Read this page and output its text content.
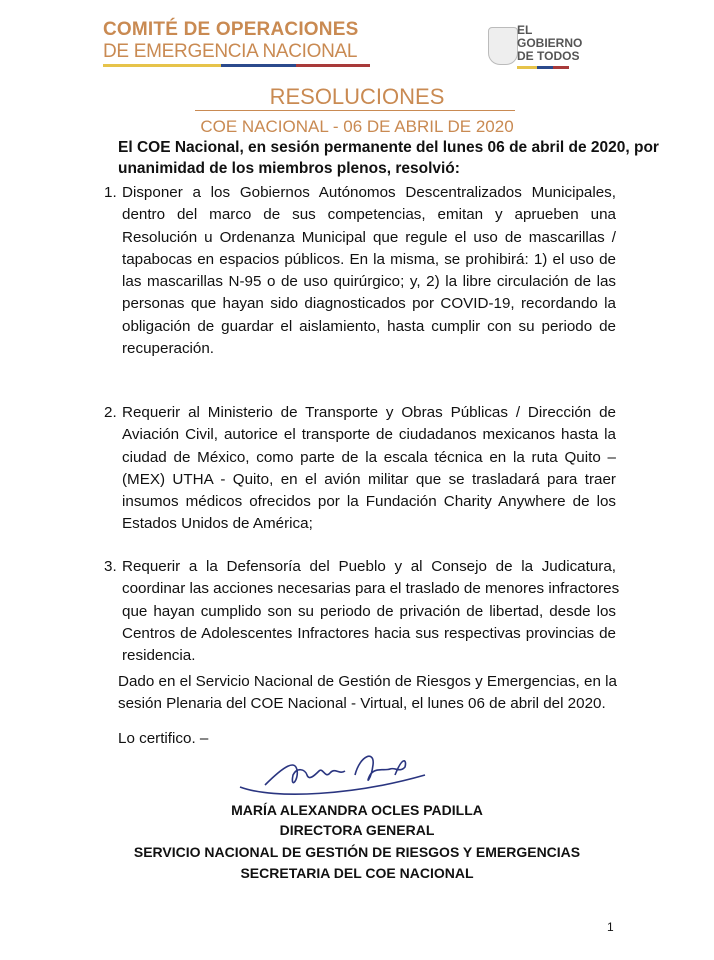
COMITÉ DE OPERACIONES
DE EMERGENCIA NACIONAL
EL
GOBIERNO
DE TODOS
RESOLUCIONES
COE NACIONAL - 06 DE ABRIL DE 2020
El COE Nacional, en sesión permanente del lunes 06 de abril de 2020, por
unanimidad de los miembros plenos, resolvió:
1. Disponer a los Gobiernos Autónomos Descentralizados Municipales,
dentro del marco de sus competencias, emitan y aprueben una
Resolución u Ordenanza Municipal que regule el uso de mascarillas /
tapabocas en espacios públicos. En la misma, se prohibirá: 1) el uso de
las mascarillas N-95 o de uso quirúrgico; y, 2) la libre circulación de las
personas que hayan sido diagnosticados por COVID-19, recordando la
obligación de guardar el aislamiento, hasta cumplir con su periodo de
recuperación.
2. Requerir al Ministerio de Transporte y Obras Públicas / Dirección de
Aviación Civil, autorice el transporte de ciudadanos mexicanos hasta la
ciudad de México, como parte de la escala técnica en la ruta Quito –
(MEX) UTHA - Quito, en el avión militar que se trasladará para traer
insumos médicos ofrecidos por la Fundación Charity Anywhere de los
Estados Unidos de América;
3. Requerir a la Defensoría del Pueblo y al Consejo de la Judicatura,
coordinar las acciones necesarias para el traslado de menores infractores
que hayan cumplido son su periodo de privación de libertad, desde los
Centros de Adolescentes Infractores hacia sus respectivas provincias de
residencia.
Dado en el Servicio Nacional de Gestión de Riesgos y Emergencias, en la
sesión Plenaria del COE Nacional - Virtual, el lunes 06 de abril del 2020.
Lo certifico. –
MARÍA ALEXANDRA OCLES PADILLA
DIRECTORA GENERAL
SERVICIO NACIONAL DE GESTIÓN DE RIESGOS Y EMERGENCIAS
SECRETARIA DEL COE NACIONAL
1
